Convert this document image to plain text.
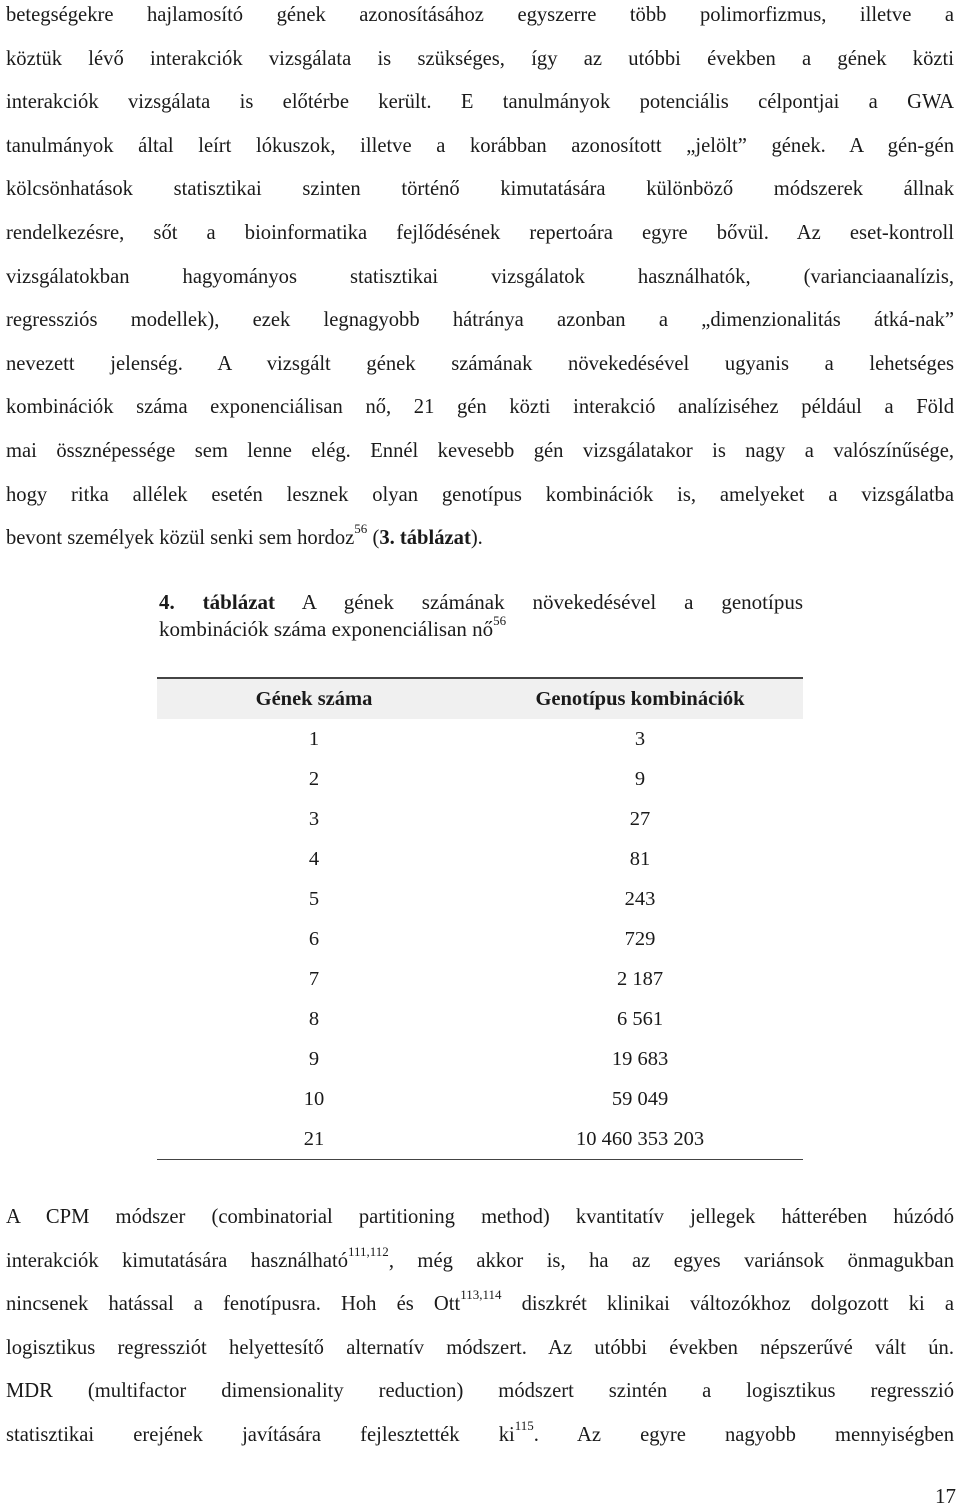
betegségekre hajlamosító gének azonosításához egyszerre több polimorfizmus, illetve a
köztük lévő interakciók vizsgálata is szükséges, így az utóbbi években a gének közti
interakciók vizsgálata is előtérbe került. E tanulmányok potenciális célpontjai a GWA
tanulmányok által leírt lókuszok, illetve a korábban azonosított „jelölt” gének. A gén-gén
kölcsönhatások statisztikai szinten történő kimutatására különböző módszerek állnak
rendelkezésre, sőt a bioinformatika fejlődésének repertoára egyre bővül. Az eset-kontroll
vizsgálatokban hagyományos statisztikai vizsgálatok használhatók, (varianciaanalízis,
regressziós modellek), ezek legnagyobb hátránya azonban a „dimenzionalitás átká-nak”
nevezett jelenség. A vizsgált gének számának növekedésével ugyanis a lehetséges
kombinációk száma exponenciálisan nő, 21 gén közti interakció analíziséhez például a Föld
mai össznépessége sem lenne elég. Ennél kevesebb gén vizsgálatakor is nagy a valószínűsége,
hogy ritka allélek esetén lesznek olyan genotípus kombinációk is, amelyeket a vizsgálatba
bevont személyek közül senki sem hordoz$^{56}$ (3. táblázat).
4. táblázat A gének számának növekedésével a genotípus
kombinációk száma exponenciálisan $nő^{56}$
Gének száma	Genotípus kombinációk
1	3
2	9
3	27
4	81
5	243
6	729
7	2 187
8	6 561
9	19 683
10	59 049
21	10 460 353 203

A CPM módszer (combinatorial partitioning method) kvantitatív jellegek hátterében húzódó
interakciók kimutatására használható$^{111,112}$, még akkor is, ha az egyes variánsok önmagukban
nincsenek hatással a fenotípusra. Hoh és Ott$^{113,114}$ diszkrét klinikai változókhoz dolgozott ki a
logisztikus regressziót helyettesítő alternatív módszert. Az utóbbi években népszerűvé vált ún.
MDR (multifactor dimensionality reduction) módszert szintén a logisztikus regresszió
statisztikai erejének javítására fejlesztették $ki^{115}$. Az egyre nagyobb mennyiségben

17
